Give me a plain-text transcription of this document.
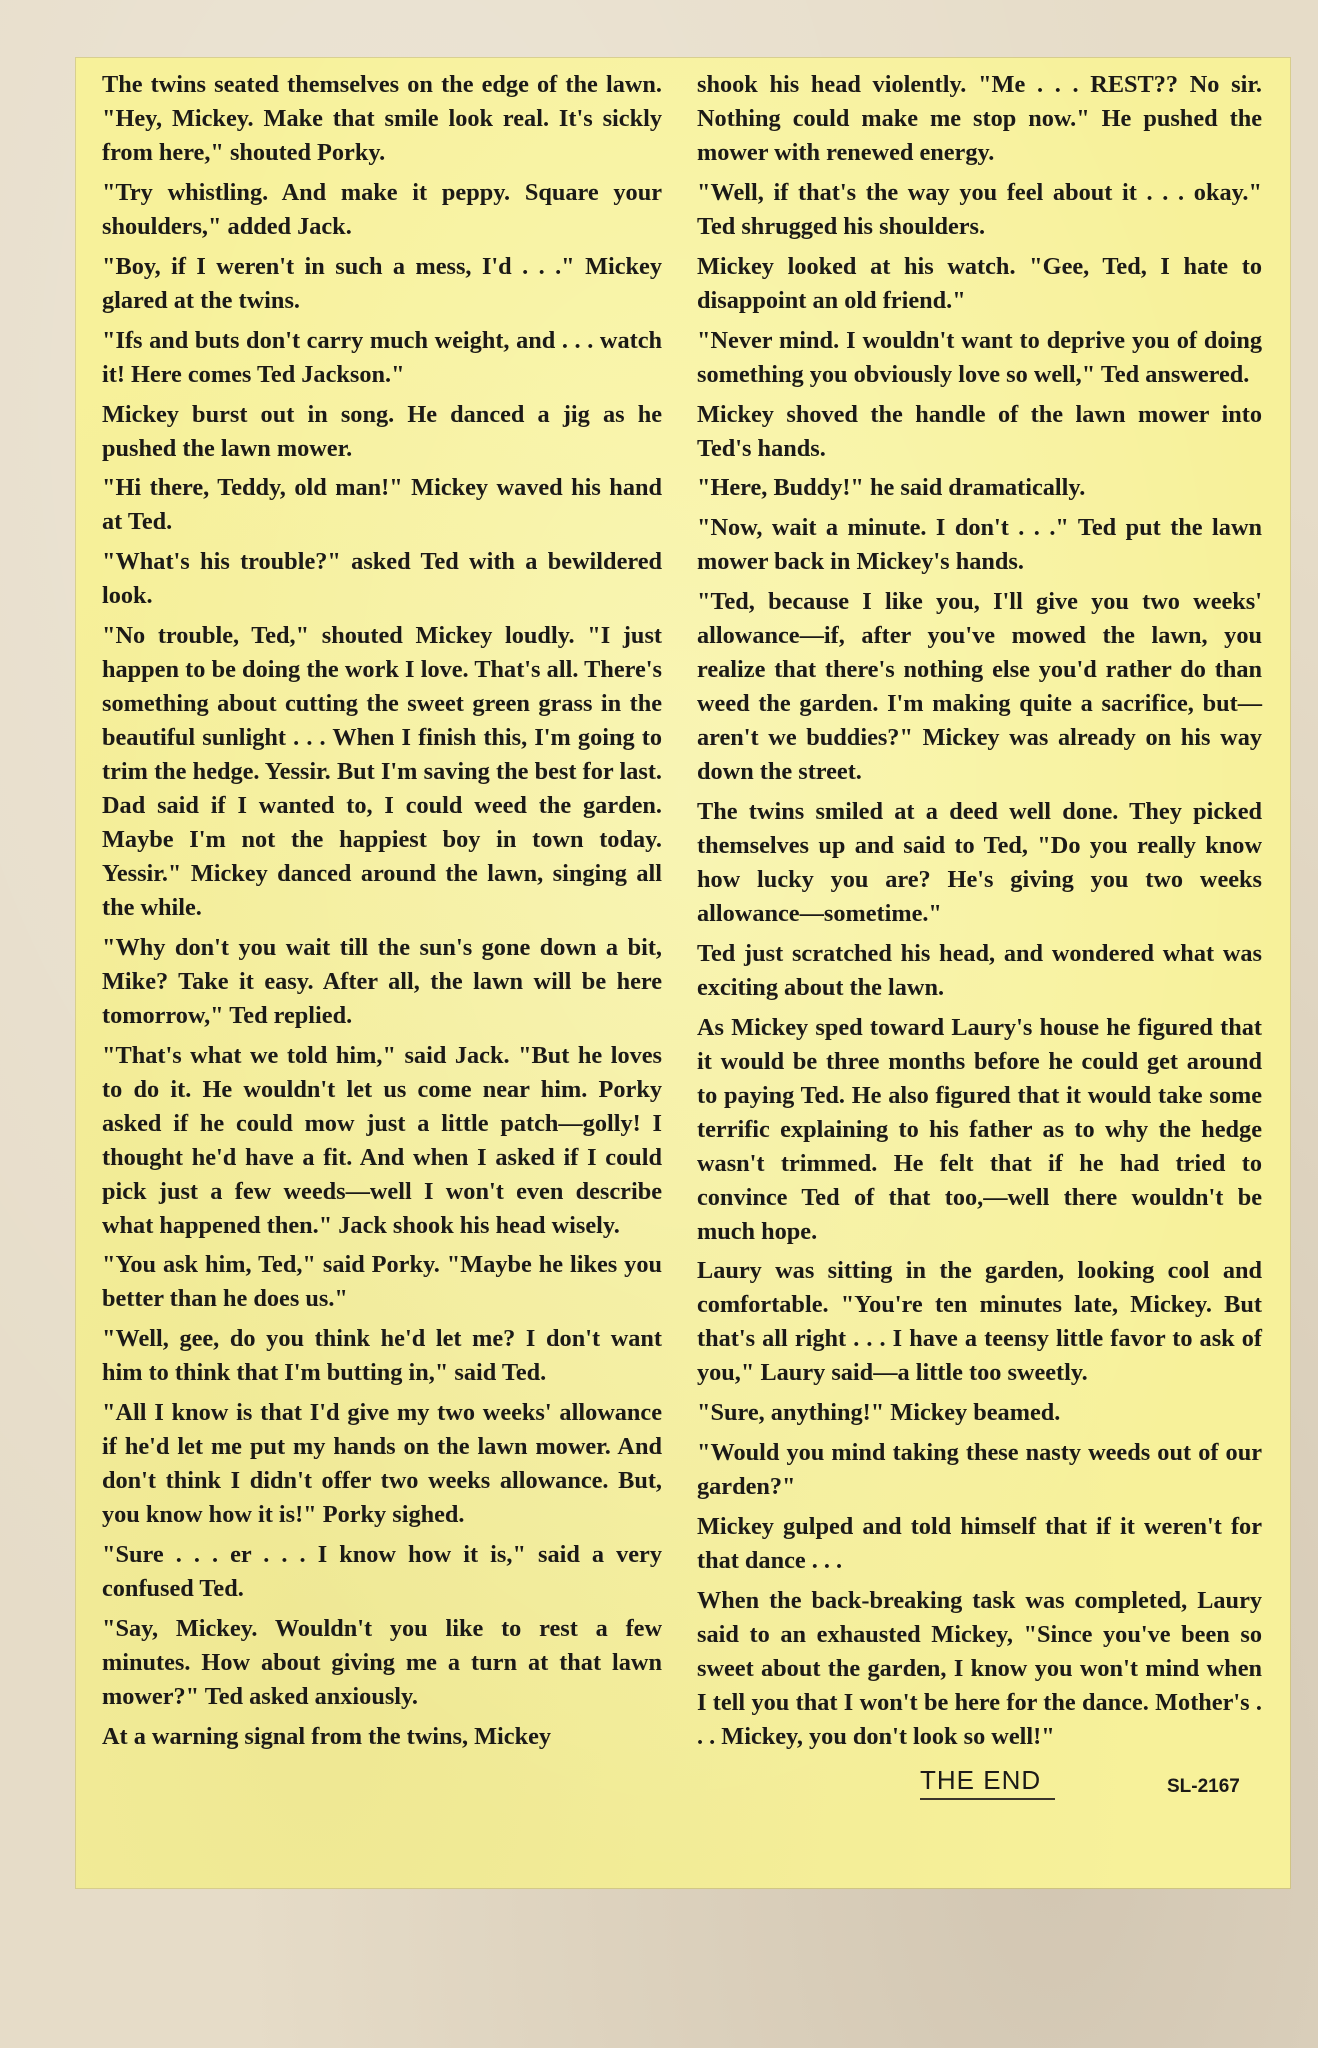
The twins seated themselves on the edge of the lawn. "Hey, Mickey. Make that smile look real. It's sickly from here," shouted Porky.

"Try whistling. And make it peppy. Square your shoulders," added Jack.

"Boy, if I weren't in such a mess, I'd . . ." Mickey glared at the twins.

"Ifs and buts don't carry much weight, and . . . watch it! Here comes Ted Jackson."

Mickey burst out in song. He danced a jig as he pushed the lawn mower.

"Hi there, Teddy, old man!" Mickey waved his hand at Ted.

"What's his trouble?" asked Ted with a bewildered look.

"No trouble, Ted," shouted Mickey loudly. "I just happen to be doing the work I love. That's all. There's something about cutting the sweet green grass in the beautiful sunlight . . . When I finish this, I'm going to trim the hedge. Yessir. But I'm saving the best for last. Dad said if I wanted to, I could weed the garden. Maybe I'm not the happiest boy in town today. Yessir." Mickey danced around the lawn, singing all the while.

"Why don't you wait till the sun's gone down a bit, Mike? Take it easy. After all, the lawn will be here tomorrow," Ted replied.

"That's what we told him," said Jack. "But he loves to do it. He wouldn't let us come near him. Porky asked if he could mow just a little patch—golly! I thought he'd have a fit. And when I asked if I could pick just a few weeds—well I won't even describe what happened then." Jack shook his head wisely.

"You ask him, Ted," said Porky. "Maybe he likes you better than he does us."

"Well, gee, do you think he'd let me? I don't want him to think that I'm butting in," said Ted.

"All I know is that I'd give my two weeks' allowance if he'd let me put my hands on the lawn mower. And don't think I didn't offer two weeks allowance. But, you know how it is!" Porky sighed.

"Sure . . . er . . . I know how it is," said a very confused Ted.

"Say, Mickey. Wouldn't you like to rest a few minutes. How about giving me a turn at that lawn mower?" Ted asked anxiously.

At a warning signal from the twins, Mickey

shook his head violently. "Me . . . REST?? No sir. Nothing could make me stop now." He pushed the mower with renewed energy.

"Well, if that's the way you feel about it . . . okay." Ted shrugged his shoulders.

Mickey looked at his watch. "Gee, Ted, I hate to disappoint an old friend."

"Never mind. I wouldn't want to deprive you of doing something you obviously love so well," Ted answered.

Mickey shoved the handle of the lawn mower into Ted's hands.

"Here, Buddy!" he said dramatically.

"Now, wait a minute. I don't . . ." Ted put the lawn mower back in Mickey's hands.

"Ted, because I like you, I'll give you two weeks' allowance—if, after you've mowed the lawn, you realize that there's nothing else you'd rather do than weed the garden. I'm making quite a sacrifice, but—aren't we buddies?" Mickey was already on his way down the street.

The twins smiled at a deed well done. They picked themselves up and said to Ted, "Do you really know how lucky you are? He's giving you two weeks allowance—sometime."

Ted just scratched his head, and wondered what was exciting about the lawn.

As Mickey sped toward Laury's house he figured that it would be three months before he could get around to paying Ted. He also figured that it would take some terrific explaining to his father as to why the hedge wasn't trimmed. He felt that if he had tried to convince Ted of that too,—well there wouldn't be much hope.

Laury was sitting in the garden, looking cool and comfortable. "You're ten minutes late, Mickey. But that's all right . . . I have a teensy little favor to ask of you," Laury said—a little too sweetly.

"Sure, anything!" Mickey beamed.

"Would you mind taking these nasty weeds out of our garden?"

Mickey gulped and told himself that if it weren't for that dance . . .

When the back-breaking task was completed, Laury said to an exhausted Mickey, "Since you've been so sweet about the garden, I know you won't mind when I tell you that I won't be here for the dance. Mother's . . . Mickey, you don't look so well!"

THE END	SL-2167
